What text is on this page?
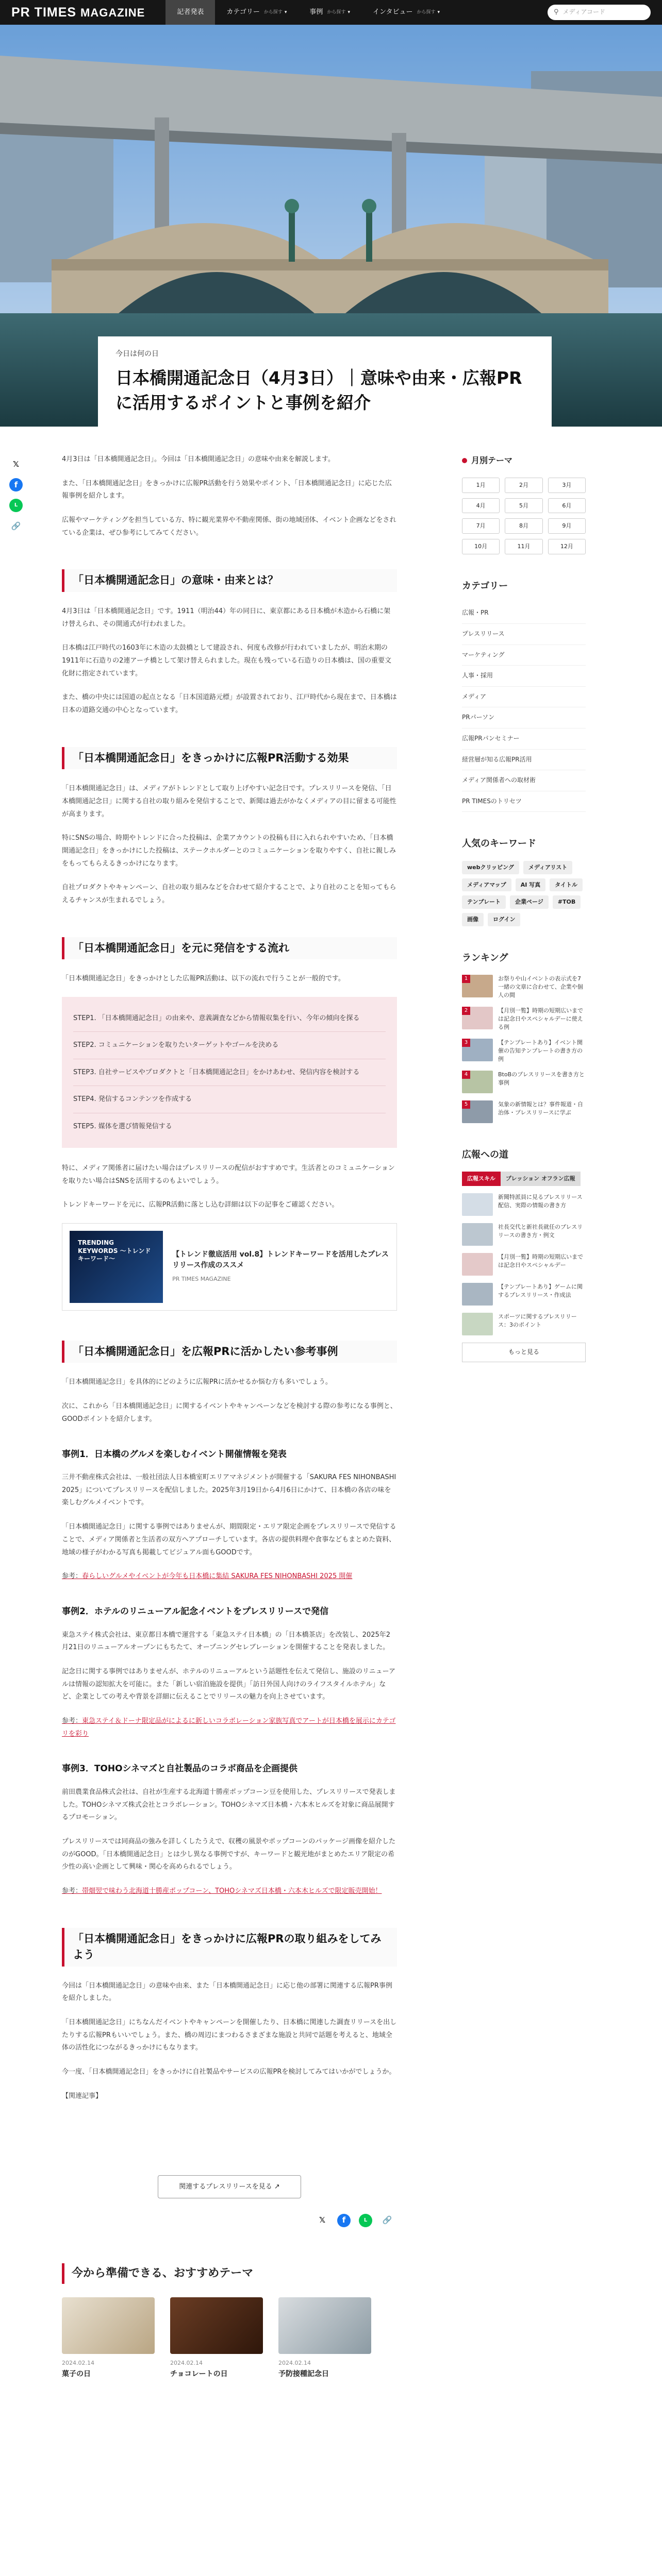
PR TIMES MAGAZINE	記者発表	カテゴリー から探す ▾	事例 から探す ▾	インタビュー から探す ▾	⚲ メディアコード
今日は何の日
日本橋開通記念日（4月3日）｜意味や由来・広報PRに活用するポイントと事例を紹介
𝕏
f
L
🔗

4月3日は「日本橋開通記念日」。今回は「日本橋開通記念日」の意味や由来を解説します。

また、「日本橋開通記念日」をきっかけに広報PR活動を行う効果やポイント、「日本橋開通記念日」に応じた広報事例を紹介します。

広報やマーケティングを担当している方、特に観光業界や不動産関係、街の地域団体、イベント企画などをされている企業は、ぜひ参考にしてみてください。

「日本橋開通記念日」の意味・由来とは？

4月3日は「日本橋開通記念日」です。1911（明治44）年の同日に、東京都にある日本橋が木造から石橋に架け替えられ、その開通式が行われました。

日本橋は江戸時代の1603年に木造の太鼓橋として建設され、何度も改修が行われていましたが、明治末期の1911年に石造りの2連アーチ橋として架け替えられました。現在も残っている石造りの日本橋は、国の重要文化財に指定されています。

また、橋の中央には国道の起点となる「日本国道路元標」が設置されており、江戸時代から現在まで、日本橋は日本の道路交通の中心となっています。

「日本橋開通記念日」をきっかけに広報PR活動する効果

「日本橋開通記念日」は、メディアがトレンドとして取り上げやすい記念日です。プレスリリースを発信、「日本橋開通記念日」に関する自社の取り組みを発信することで、新聞は過去がかなくメディアの目に留まる可能性が高まります。

特にSNSの場合、時期やトレンドに合った投稿は、企業アカウントの投稿も目に入れられやすいため、「日本橋開通記念日」をきっかけにした投稿は、ステークホルダーとのコミュニケーションを取りやすく、自社に親しみをもってもらえるきっかけになります。

自社プロダクトやキャンペーン、自社の取り組みなどを合わせて紹介することで、より自社のことを知ってもらえるチャンスが生まれるでしょう。

「日本橋開通記念日」を元に発信をする流れ

「日本橋開通記念日」をきっかけとした広報PR活動は、以下の流れで行うことが一般的です。

STEP1. 「日本橋開通記念日」の由来や、意義調査などから情報収集を行い、今年の傾向を探る
STEP2. コミュニケーションを取りたいターゲットやゴールを決める
STEP3. 自社サービスやプロダクトと「日本橋開通記念日」をかけあわせ、発信内容を検討する
STEP4. 発信するコンテンツを作成する
STEP5. 媒体を選び情報発信する

特に、メディア関係者に届けたい場合はプレスリリースの配信がおすすめです。生活者とのコミュニケーションを取りたい場合はSNSを活用するのもよいでしょう。

トレンドキーワードを元に、広報PR活動に落とし込む詳細は以下の記事をご確認ください。

TRENDING KEYWORDS 〜トレンドキーワード〜
【トレンド徹底活用 vol.8】トレンドキーワードを活用したプレスリリース作成のススメ
PR TIMES MAGAZINE
「日本橋開通記念日」を広報PRに活かしたい参考事例

「日本橋開通記念日」を具体的にどのように広報PRに活かせるか悩む方も多いでしょう。

次に、これから「日本橋開通記念日」に関するイベントやキャンペーンなどを検討する際の参考になる事例と、GOODポイントを紹介します。

事例1．日本橋のグルメを楽しむイベント開催情報を発表

三井不動産株式会社は、一般社団法人日本橋室町エリアマネジメントが開催する「SAKURA FES NIHONBASHI 2025」についてプレスリリースを配信しました。2025年3月19日から4月6日にかけて、日本橋の各店の味を楽しむグルメイベントです。

「日本橋開通記念日」に関する事例ではありませんが、期間限定・エリア限定企画をプレスリリースで発信することで、メディア関係者と生活者の双方へアプローチしています。各店の提供料理や食事などもまとめた資料、地域の様子がわかる写真も掲載してビジュアル面もGOODです。

参考：春らしいグルメやイベントが今年も日本橋に集結 SAKURA FES NIHONBASHI 2025 開催

事例2．ホテルのリニューアル記念イベントをプレスリリースで発信

東急ステイ株式会社は、東京都日本橋で運営する「東急ステイ日本橋」の「日本橋茶店」を改装し、2025年2月21日のリニューアルオープンにもちたて、オープニングセレブレーションを開催することを発表しました。

記念日に関する事例ではありませんが、ホテルのリニューアルという話題性を伝えて発信し、施設のリニューアルは情報の認知拡大を可能に。また「新しい宿泊施設を提供」「訪日外国人向けのライフスタイルホテル」など、企業としての考えや背景を詳細に伝えることでリリースの魅力を向上させています。

参考：東急ステイ＆ドーナ限定品がによるに新しいコラボレーション家族写真でアートが日本橋を展示にカテゴリを彩り

事例3．TOHOシネマズと自社製品のコラボ商品を企画提供

前田農業食品株式会社は、自社が生産する北海道十勝産ポップコーン豆を使用した、プレスリリースで発表しました。TOHOシネマズ株式会社とコラボレーション。TOHOシネマズ日本橋・六本木ヒルズを対象に商品展開するプロモーション。

プレスリリースでは同商品の強みを詳しくしたうえで、収穫の風景やポップコーンのパッケージ画像を紹介したのがGOOD。「日本橋開通記念日」とは少し異なる事例ですが、キーワードと観光地がまとめたエリア限定の希少性の高い企画として興味・関心を高められるでしょう。

参考：帯畑翌で味わう北海道十勝産ポップコーン、TOHOシネマズ日本橋・六本木ヒルズで限定販売開始！

「日本橋開通記念日」をきっかけに広報PRの取り組みをしてみよう

今回は「日本橋開通記念日」の意味や由来、また「日本橋開通記念日」に応じ他の部署に関連する広報PR事例を紹介しました。

「日本橋開通記念日」にちなんだイベントやキャンペーンを開催したり、日本橋に関連した調査リリースを出したりする広報PRもいいでしょう。また、橋の周辺にまつわるさまざまな施設と共同で話題を考えると、地域全体の活性化につながるきっかけにもなります。

今一度、「日本橋開通記念日」をきっかけに自社製品やサービスの広報PRを検討してみてはいかがでしょうか。

【関連記事】

関連するプレスリリースを見る ↗
𝕏	f	L	🔗
今から準備できる、おすすめテーマ
2024.02.14
菓子の日
2024.02.14
チョコレートの日
2024.02.14
予防接種記念日
月別テーマ
1月	2月	3月
4月	5月	6月
7月	8月	9月
10月	11月	12月
カテゴリー
広報・PR
プレスリリース
マーケティング
人事・採用
メディア
PRパーソン
広報PRパンセミナー
経営層が知る広報PR活用
メディア関係者への取材術
PR TIMESのトリセツ
人気のキーワード
webクリッピング	メディアリスト
メディアマップ	AI 写真	タイトル
テンプレート	企業ページ	#TOB
画像	ログイン
ランキング
1	お祭りや山イベントの表示式を7 一緒の文章に合わせて、企業や個人の間
2	【月別一覧】時期の短期広いまでは記念日やスペシャルデーに使える例
3	【テンプレートあり】イベント開催の告知テンプレートの書き方の例
4	BtoBのプレスリリースを書き方と事例
5	気象の新情報とは？事件報道・自治体・プレスリリースに学ぶ
広報への道
広報スキル	プレッション オフラン広報
新聞特派員に見るプレスリリース配信、実際の情報の書き方
社長交代と新社長就任のプレスリリースの書き方・例文
【月別一覧】時期の短期広いまでは記念日やスペシャルデー
【テンプレートあり】ゲームに関するプレスリリース・作成法
スポーツに関するプレスリリース：3のポイント
もっと見る
